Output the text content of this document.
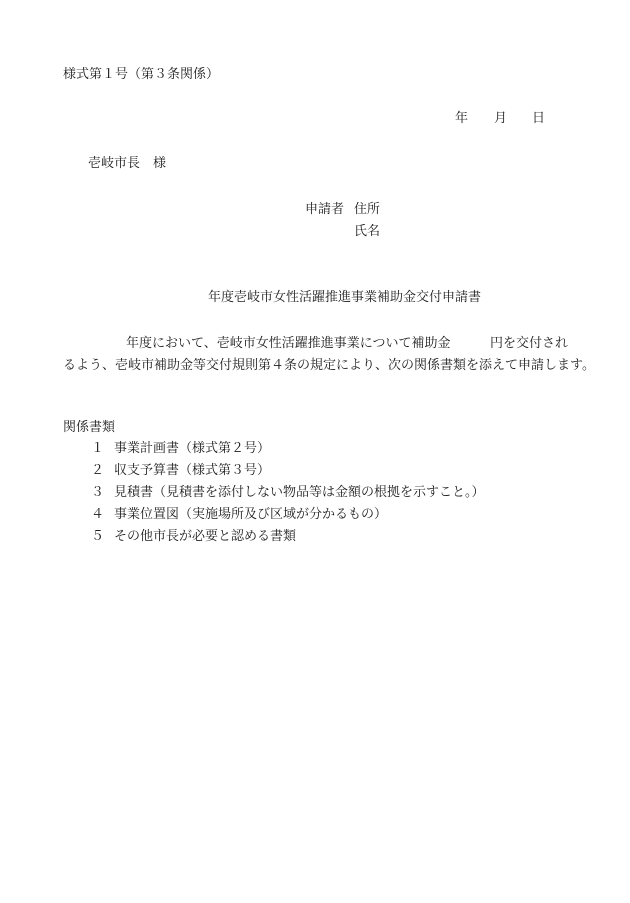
様式第１号（第３条関係）
年 月 日
壱岐市長　様
申請者 住所
氏名
年度壱岐市女性活躍推進事業補助金交付申請書
年度において、壱岐市女性活躍推進事業について補助金	円を交付され
るよう、壱岐市補助金等交付規則第４条の規定により、次の関係書類を添えて申請します。
関係書類
１ 事業計画書（様式第２号）
２ 収支予算書（様式第３号）
３ 見積書（見積書を添付しない物品等は金額の根拠を示すこと。）
４ 事業位置図（実施場所及び区域が分かるもの）
５ その他市長が必要と認める書類
